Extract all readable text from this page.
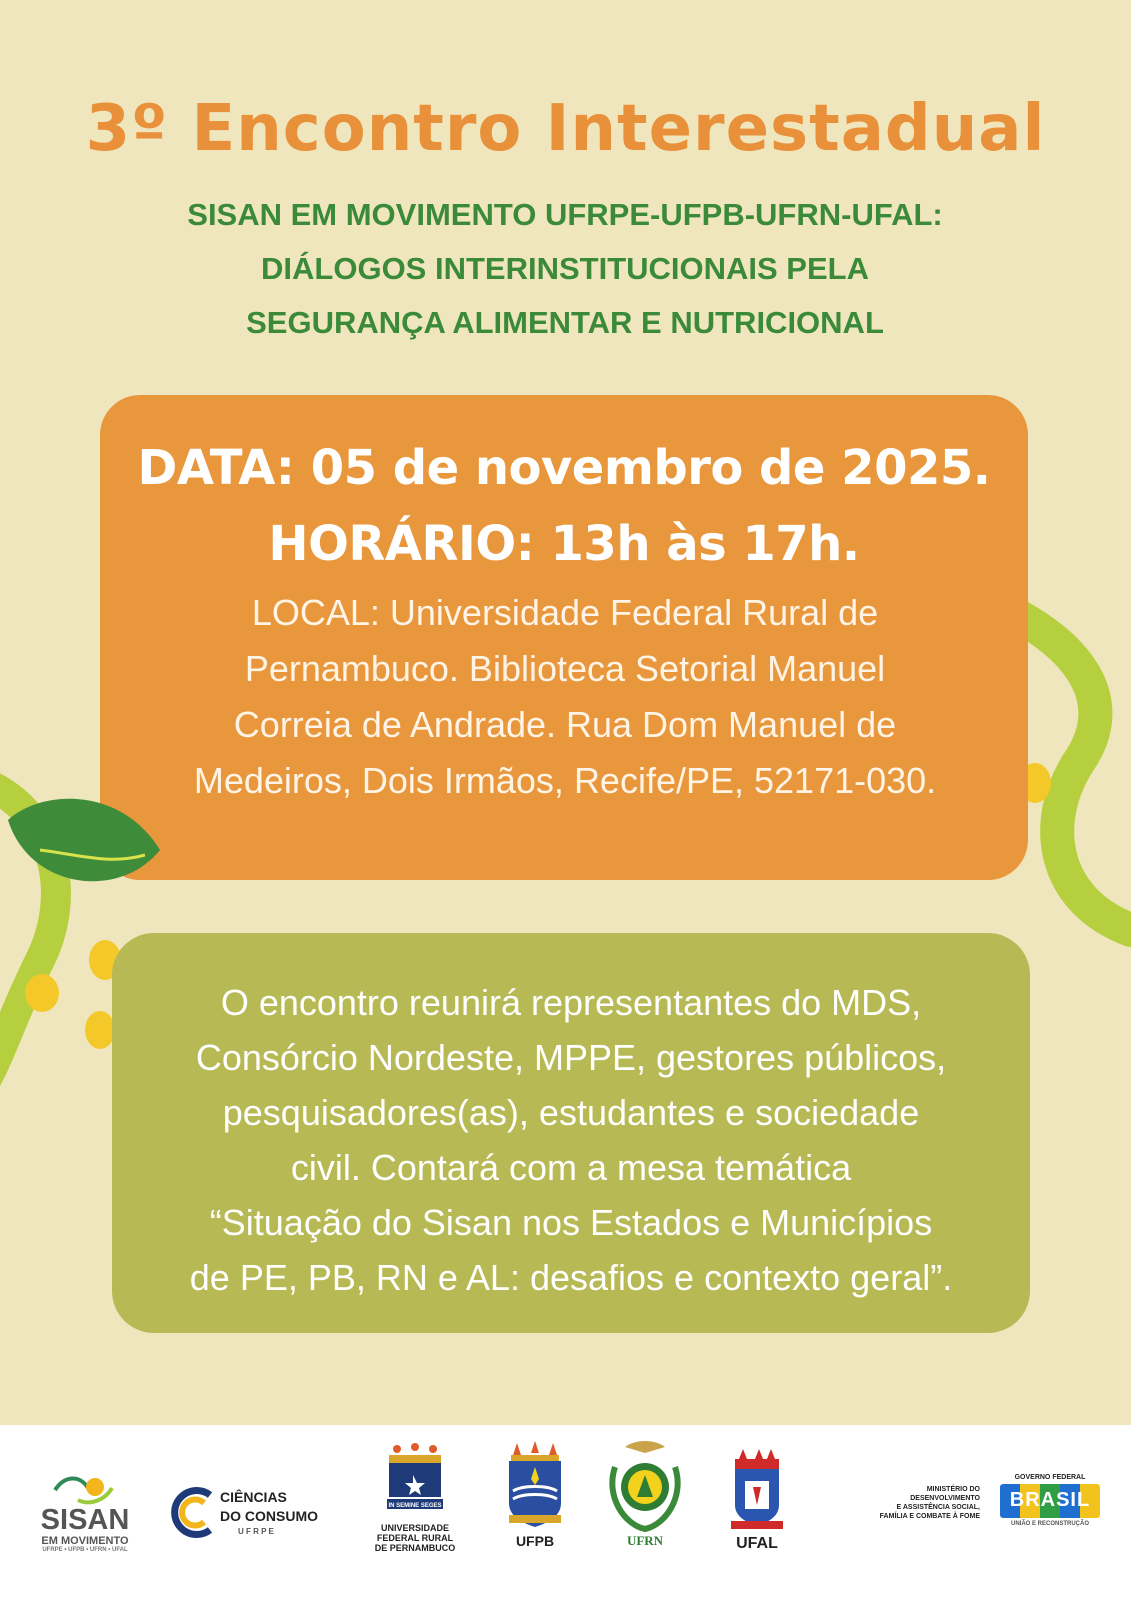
3º Encontro Interestadual
SISAN EM MOVIMENTO UFRPE-UFPB-UFRN-UFAL:
DIÁLOGOS INTERINSTITUCIONAIS PELA
SEGURANÇA ALIMENTAR E NUTRICIONAL

DATA: 05 de novembro de 2025.

HORÁRIO: 13h às 17h.

LOCAL: Universidade Federal Rural de
Pernambuco. Biblioteca Setorial Manuel
Correia de Andrade. Rua Dom Manuel de
Medeiros, Dois Irmãos, Recife/PE, 52171-030.
O encontro reunirá representantes do MDS,
Consórcio Nordeste, MPPE, gestores públicos,
pesquisadores(as), estudantes e sociedade
civil. Contará com a mesa temática
“Situação do Sisan nos Estados e Municípios
de PE, PB, RN e AL: desafios e contexto geral”.
SISAN
EM MOVIMENTO
UFRPE • UFPB • UFRN • UFAL
CIÊNCIAS
DO CONSUMO
U F R P E
IN SEMINE SEGES
UNIVERSIDADE
FEDERAL RURAL
DE PERNAMBUCO	UFPB	UFRN	UFAL
MINISTÉRIO DO
DESENVOLVIMENTO
E ASSISTÊNCIA SOCIAL,
FAMÍLIA E COMBATE À FOME
GOVERNO FEDERAL
BRASIL
UNIÃO E RECONSTRUÇÃO
